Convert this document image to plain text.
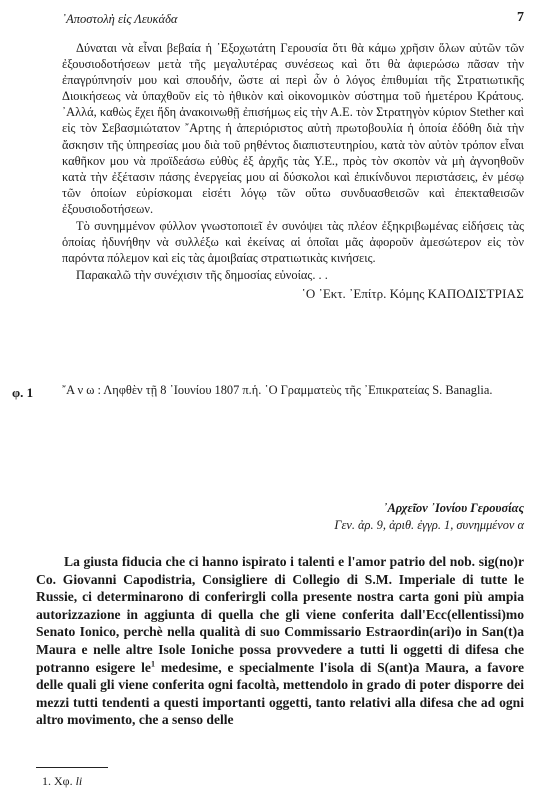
᾿Αποστολὴ εἰς Λευκάδα	7

Δύναται νὰ εἶναι βεβαία ἡ ᾿Εξοχωτάτη Γερουσία ὅτι θὰ κάμω χρῆσιν ὅλων αὐτῶν τῶν ἐξουσιοδοτήσεων μετὰ τῆς μεγαλυτέρας συνέσεως καὶ ὅτι θὰ ἀφιερώσω πᾶσαν τὴν ἐπαγρύπνησίν μου καὶ σπουδήν, ὥστε αἱ περὶ ὧν ὁ λόγος ἐπιθυμίαι τῆς Στρατιωτικῆς Διοικήσεως νὰ ὑπαχθοῦν εἰς τὸ ἠθικὸν καὶ οἰκονομικὸν σύστημα τοῦ ἡμετέρου Κράτους. ᾿Αλλά, καθὼς ἔχει ἤδη ἀνακοινωθῇ ἐπισήμως εἰς τὴν Α.Ε. τὸν Στρατηγὸν κύριον Stether καὶ εἰς τὸν Σεβασμιώτατον ῎Αρτης ἡ ἀπεριόριστος αὐτὴ πρωτοβουλία ἡ ὁποία ἐδόθη διὰ τὴν ἄσκησιν τῆς ὑπηρεσίας μου διὰ τοῦ ρηθέντος διαπιστευτηρίου, κατὰ τὸν αὐτὸν τρόπον εἶναι καθῆκον μου νὰ προϊδεάσω εὐθὺς ἐξ ἀρχῆς τὰς Υ.Ε., πρὸς τὸν σκοπὸν νὰ μὴ ἀγνοηθοῦν κατὰ τὴν ἐξέτασιν πάσης ἐνεργείας μου αἱ δύσκολοι καὶ ἐπικίνδυνοι περιστάσεις, ἐν μέσῳ τῶν ὁποίων εὑρίσκομαι εἰσέτι λόγῳ τῶν οὕτω συνδυασθεισῶν καὶ ἐπεκταθεισῶν ἐξουσιοδοτήσεων.

Τὸ συνημμένον φύλλον γνωστοποιεῖ ἐν συνόψει τὰς πλέον ἐξηκριβωμένας εἰδήσεις τὰς ὁποίας ἠδυνήθην νὰ συλλέξω καὶ ἐκείνας αἱ ὁποῖαι μᾶς ἀφοροῦν ἀμεσώτερον εἰς τὸν παρόντα πόλεμον καὶ εἰς τὰς ἀμοιβαίας στρατιωτικὰς κινήσεις.

Παρακαλῶ τὴν συνέχισιν τῆς δημοσίας εὐνοίας. . .

῾Ο ᾿Εκτ. ᾿Επίτρ. Κόμης ΚΑΠΟΔΙΣΤΡΙΑΣ
φ. 1 ῎Α ν ω : Ληφθὲν τῇ 8 ᾿Ιουνίου 1807 π.ἡ. ῾Ο Γραμματεὺς τῆς ᾿Επικρατείας S. Banaglia.
᾿Αρχεῖον ᾿Ιονίου Γερουσίας
Γεν. ἀρ. 9, ἀριθ. ἐγγρ. 1, συνημμένον α

La giusta fiducia che ci hanno ispirato i talenti e l'amor patrio del nob. sig(no)r Co. Giovanni Capodistria, Consigliere di Collegio di S.M. Imperiale di tutte le Russie, ci determinarono di conferirgli colla presente nostra carta goni più ampia autorizzazione in aggiunta di quella che gli viene conferita dall'Ecc(ellentissi)mo Senato Ionico, perchè nella qualità di suo Commissario Estraordin(ari)o in San(t)a Maura e nelle altre Isole Ioniche possa provvedere a tutti li oggetti di difesa che potranno esigere $le^1$ medesime, e specialmente l'isola di S(ant)a Maura, a favore delle quali gli viene conferita ogni facoltà, mettendolo in grado di poter disporre dei mezzi tutti tendenti a questi importanti oggetti, tanto relativi alla difesa che ad ogni altro movimento, che a senso delle

1. Χφ. li
